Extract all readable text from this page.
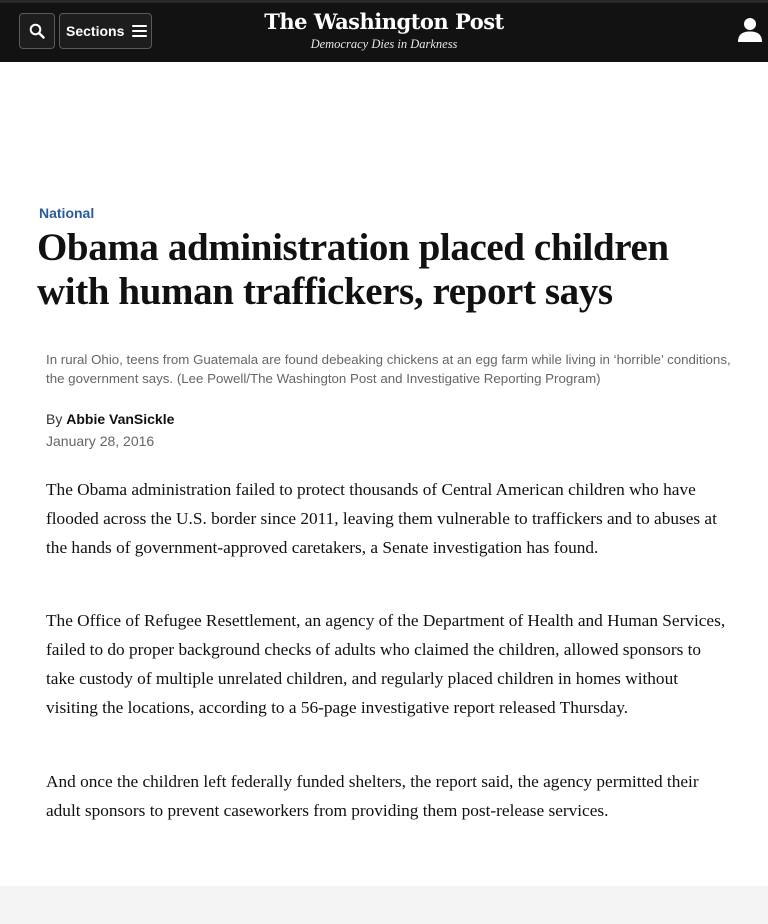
Sections	The Washington Post
Democracy Dies in Darkness
National
Obama administration placed children with human traffickers, report says
In rural Ohio, teens from Guatemala are found debeaking chickens at an egg farm while living in ‘horrible’ conditions, the government says. (Lee Powell/The Washington Post and Investigative Reporting Program)
By Abbie VanSickle
January 28, 2016

The Obama administration failed to protect thousands of Central American children who have flooded across the U.S. border since 2011, leaving them vulnerable to traffickers and to abuses at the hands of government-approved caretakers, a Senate investigation has found.

The Office of Refugee Resettlement, an agency of the Department of Health and Human Services, failed to do proper background checks of adults who claimed the children, allowed sponsors to take custody of multiple unrelated children, and regularly placed children in homes without visiting the locations, according to a 56-page investigative report released Thursday.

And once the children left federally funded shelters, the report said, the agency permitted their adult sponsors to prevent caseworkers from providing them post-release services.
